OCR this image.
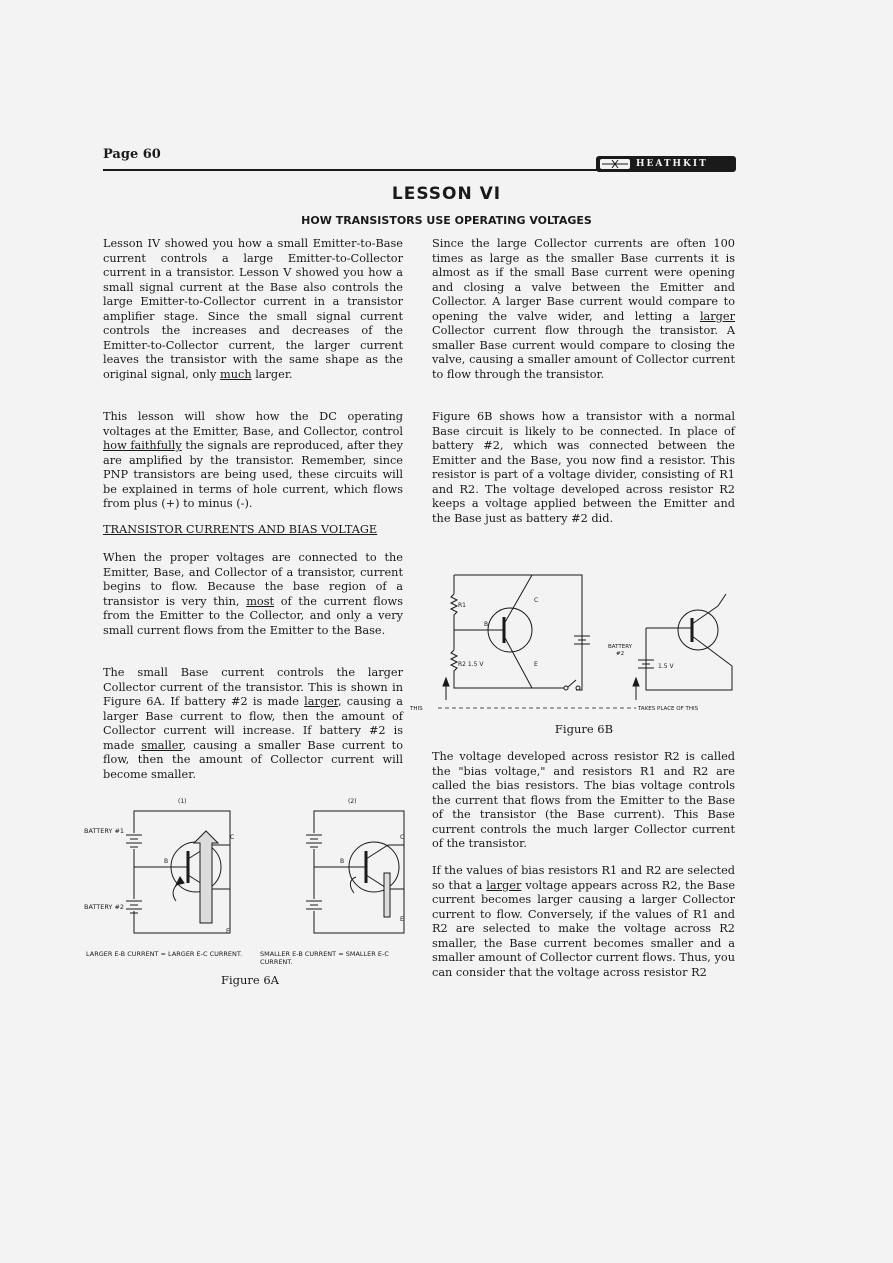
Page 60
HEATHKIT
LESSON VI
HOW TRANSISTORS USE OPERATING VOLTAGES

Lesson IV showed you how a small Emitter-to-Base current controls a large Emitter-to-Collector current in a transistor. Lesson V showed you how a small signal current at the Base also controls the large Emitter-to-Collector current in a transistor amplifier stage. Since the small signal current controls the increases and decreases of the Emitter-to-Collector current, the larger current leaves the transistor with the same shape as the original signal, only much larger.

This lesson will show how the DC operating voltages at the Emitter, Base, and Collector, control how faithfully the signals are reproduced, after they are amplified by the transistor. Remember, since PNP transistors are being used, these circuits will be explained in terms of hole current, which flows from plus (+) to minus (-).

TRANSISTOR CURRENTS AND BIAS VOLTAGE

When the proper voltages are connected to the Emitter, Base, and Collector of a transistor, current begins to flow. Because the base region of a transistor is very thin, most of the current flows from the Emitter to the Collector, and only a very small current flows from the Emitter to the Base.

The small Base current controls the larger Collector current of the transistor. This is shown in Figure 6A. If battery #2 is made larger, causing a larger Base current to flow, then the amount of Collector current will increase. If battery #2 is made smaller, causing a smaller Base current to flow, then the amount of Collector current will become smaller.

(1)	(2)
BATTERY #1
BATTERY #2
B
C
E
B
C
E
LARGER E-B CURRENT = LARGER E-C CURRENT.	SMALLER E-B CURRENT = SMALLER E-C CURRENT.
Figure 6A

Since the large Collector currents are often 100 times as large as the smaller Base currents it is almost as if the small Base current were opening and closing a valve between the Emitter and Collector. A larger Base current would compare to opening the valve wider, and letting a larger Collector current flow through the transistor. A smaller Base current would compare to closing the valve, causing a smaller amount of Collector current to flow through the transistor.

Figure 6B shows how a transistor with a normal Base circuit is likely to be connected. In place of battery #2, which was connected between the Emitter and the Base, you now find a resistor. This resistor is part of a voltage divider, consisting of R1 and R2. The voltage developed across resistor R2 keeps a voltage applied between the Emitter and the Base just as battery #2 did.

R1
R2 1.5 V
B
C
E
BATTERY
#2
1.5 V
THIS	TAKES PLACE OF THIS
Figure 6B

The voltage developed across resistor R2 is called the "bias voltage," and resistors R1 and R2 are called the bias resistors. The bias voltage controls the current that flows from the Emitter to the Base of the transistor (the Base current). This Base current controls the much larger Collector current of the transistor.

If the values of bias resistors R1 and R2 are selected so that a larger voltage appears across R2, the Base current becomes larger causing a larger Collector current to flow. Conversely, if the values of R1 and R2 are selected to make the voltage across R2 smaller, the Base current becomes smaller and a smaller amount of Collector current flows. Thus, you can consider that the voltage across resistor R2
